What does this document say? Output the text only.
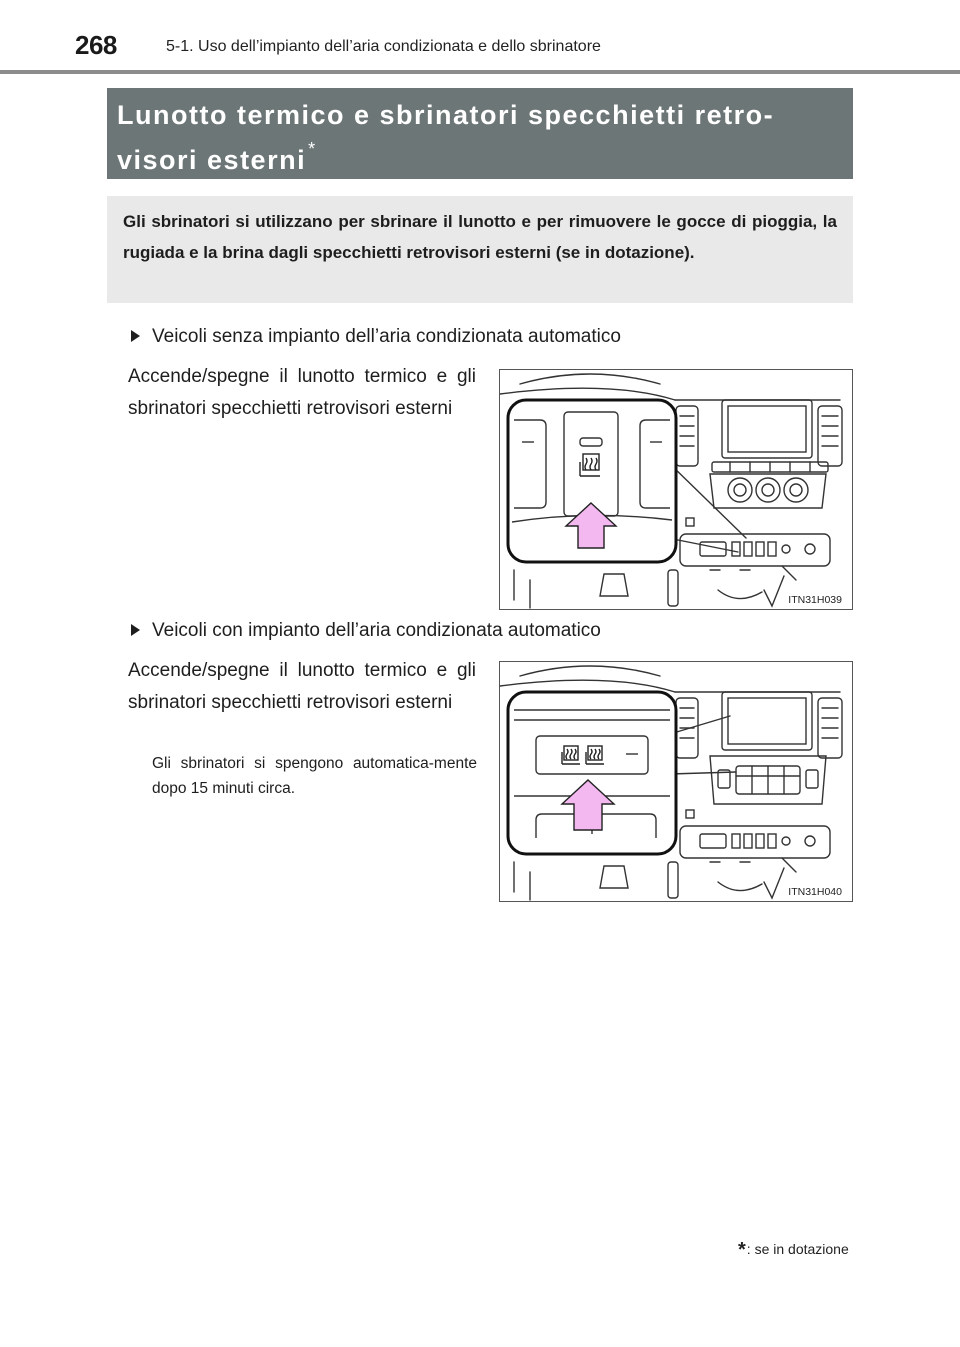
268	5-1. Uso dell’impianto dell’aria condizionata e dello sbrinatore
Lunotto termico e sbrinatori specchietti retro-
visori esterni *
Gli sbrinatori si utilizzano per sbrinare il lunotto e per rimuovere le gocce di pioggia, la rugiada e la brina dagli specchietti retrovisori esterni (se in dotazione).
Veicoli senza impianto dell’aria condizionata automatico
Accende/spegne il lunotto termico e gli sbrinatori specchietti retrovisori esterni
ITN31H039
Veicoli con impianto dell’aria condizionata automatico
Accende/spegne il lunotto termico e gli sbrinatori specchietti retrovisori esterni
Gli sbrinatori si spengono automatica-mente dopo 15 minuti circa.
ITN31H040
*: se in dotazione
